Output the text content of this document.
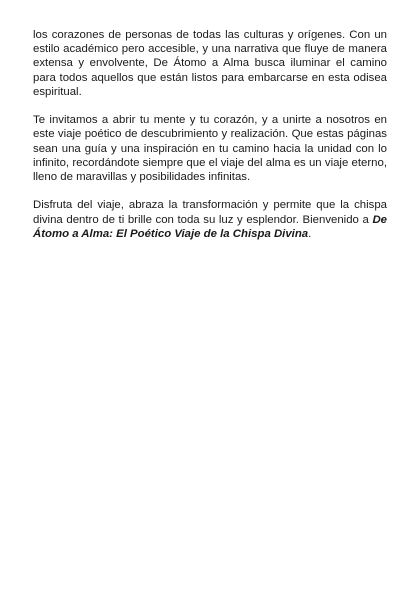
los corazones de personas de todas las culturas y orígenes. Con un estilo académico pero accesible, y una narrativa que fluye de manera extensa y envolvente, De Átomo a Alma busca iluminar el camino para todos aquellos que están listos para embarcarse en esta odisea espiritual.

Te invitamos a abrir tu mente y tu corazón, y a unirte a nosotros en este viaje poético de descubrimiento y realización. Que estas páginas sean una guía y una inspiración en tu camino hacia la unidad con lo infinito, recordándote siempre que el viaje del alma es un viaje eterno, lleno de maravillas y posibilidades infinitas.

Disfruta del viaje, abraza la transformación y permite que la chispa divina dentro de ti brille con toda su luz y esplendor. Bienvenido a De Átomo a Alma: El Poético Viaje de la Chispa Divina.
